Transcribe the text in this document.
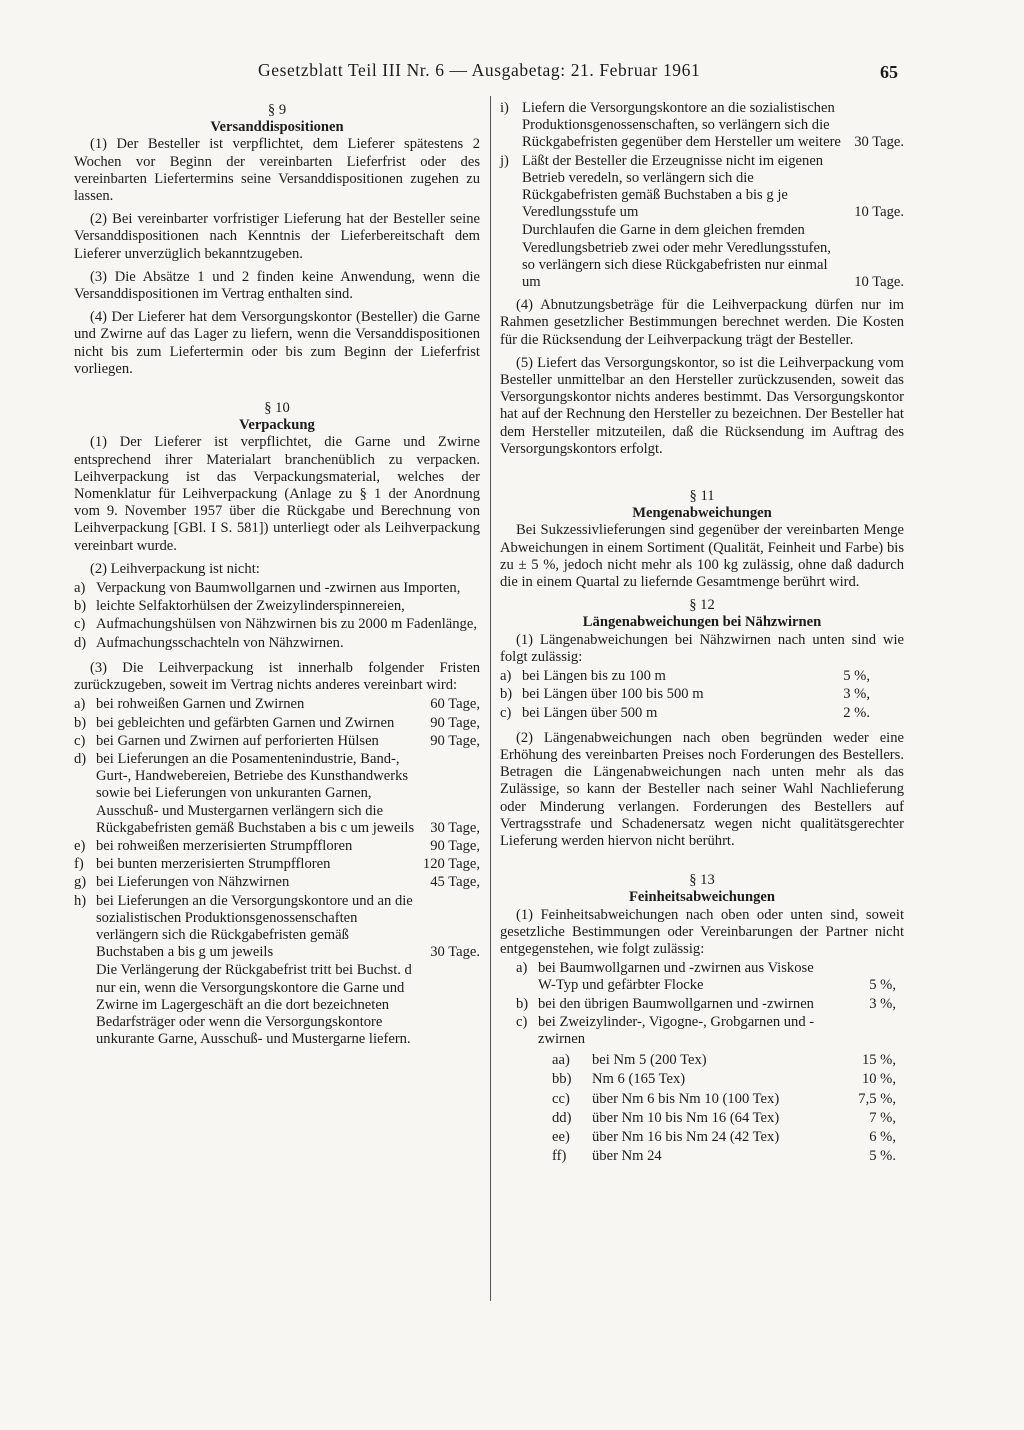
Gesetzblatt Teil III Nr. 6 — Ausgabetag: 21. Februar 1961	65
§ 9
Versanddispositionen

(1) Der Besteller ist verpflichtet, dem Lieferer spätestens 2 Wochen vor Beginn der vereinbarten Lieferfrist oder des vereinbarten Liefertermins seine Versanddispositionen zugehen zu lassen.

(2) Bei vereinbarter vorfristiger Lieferung hat der Besteller seine Versanddispositionen nach Kenntnis der Lieferbereitschaft dem Lieferer unverzüglich bekanntzugeben.

(3) Die Absätze 1 und 2 finden keine Anwendung, wenn die Versanddispositionen im Vertrag enthalten sind.

(4) Der Lieferer hat dem Versorgungskontor (Besteller) die Garne und Zwirne auf das Lager zu liefern, wenn die Versanddispositionen nicht bis zum Liefertermin oder bis zum Beginn der Lieferfrist vorliegen.

§ 10
Verpackung

(1) Der Lieferer ist verpflichtet, die Garne und Zwirne entsprechend ihrer Materialart branchenüblich zu verpacken. Leihverpackung ist das Verpackungsmaterial, welches der Nomenklatur für Leihverpackung (Anlage zu § 1 der Anordnung vom 9. November 1957 über die Rückgabe und Berechnung von Leihverpackung [GBl. I S. 581]) unterliegt oder als Leihverpackung vereinbart wurde.

(2) Leihverpackung ist nicht:

a) Verpackung von Baumwollgarnen und -zwirnen aus Importen,
b) leichte Selfaktorhülsen der Zweizylinderspinnereien,
c) Aufmachungshülsen von Nähzwirnen bis zu 2000 m Fadenlänge,
d) Aufmachungsschachteln von Nähzwirnen.

(3) Die Leihverpackung ist innerhalb folgender Fristen zurückzugeben, soweit im Vertrag nichts anderes vereinbart wird:

a) bei rohweißen Garnen und Zwirnen	60 Tage,
b) bei gebleichten und gefärbten Garnen und Zwirnen	90 Tage,
c) bei Garnen und Zwirnen auf perforierten Hülsen	90 Tage,
d) bei Lieferungen an die Posamentenindustrie, Band-, Gurt-, Handwebereien, Betriebe des Kunsthandwerks sowie bei Lieferungen von unkuranten Garnen, Ausschuß- und Mustergarnen verlängern sich die Rückgabefristen gemäß Buchstaben a bis c um jeweils	30 Tage,
e) bei rohweißen merzerisierten Strumpffloren	90 Tage,
f) bei bunten merzerisierten Strumpffloren	120 Tage,
g) bei Lieferungen von Nähzwirnen	45 Tage,
h) bei Lieferungen an die Versorgungskontore und an die sozialistischen Produktionsgenossenschaften verlängern sich die Rückgabefristen gemäß Buchstaben a bis g um jeweils	30 Tage.
Die Verlängerung der Rückgabefrist tritt bei Buchst. d nur ein, wenn die Versorgungskontore die Garne und Zwirne im Lagergeschäft an die dort bezeichneten Bedarfsträger oder wenn die Versorgungskontore unkurante Garne, Ausschuß- und Mustergarne liefern.
i) Liefern die Versorgungskontore an die sozialistischen Produktionsgenossenschaften, so verlängern sich die Rückgabefristen gegenüber dem Hersteller um weitere 30 Tage.
j) Läßt der Besteller die Erzeugnisse nicht im eigenen Betrieb veredeln, so verlängern sich die Rückgabefristen gemäß Buchstaben a bis g je Veredlungsstufe um	10 Tage.
Durchlaufen die Garne in dem gleichen fremden Veredlungsbetrieb zwei oder mehr Veredlungsstufen, so verlängern sich diese Rückgabefristen nur einmal um	10 Tage.

(4) Abnutzungsbeträge für die Leihverpackung dürfen nur im Rahmen gesetzlicher Bestimmungen berechnet werden. Die Kosten für die Rücksendung der Leihverpackung trägt der Besteller.

(5) Liefert das Versorgungskontor, so ist die Leihverpackung vom Besteller unmittelbar an den Hersteller zurückzusenden, soweit das Versorgungskontor nichts anderes bestimmt. Das Versorgungskontor hat auf der Rechnung den Hersteller zu bezeichnen. Der Besteller hat dem Hersteller mitzuteilen, daß die Rücksendung im Auftrag des Versorgungskontors erfolgt.

§ 11
Mengenabweichungen

Bei Sukzessivlieferungen sind gegenüber der vereinbarten Menge Abweichungen in einem Sortiment (Qualität, Feinheit und Farbe) bis zu ± 5 %, jedoch nicht mehr als 100 kg zulässig, ohne daß dadurch die in einem Quartal zu liefernde Gesamtmenge berührt wird.

§ 12
Längenabweichungen bei Nähzwirnen

(1) Längenabweichungen bei Nähzwirnen nach unten sind wie folgt zulässig:

a) bei Längen bis zu 100 m	5 %,
b) bei Längen über 100 bis 500 m	3 %,
c) bei Längen über 500 m	2 %.

(2) Längenabweichungen nach oben begründen weder eine Erhöhung des vereinbarten Preises noch Forderungen des Bestellers. Betragen die Längenabweichungen nach unten mehr als das Zulässige, so kann der Besteller nach seiner Wahl Nachlieferung oder Minderung verlangen. Forderungen des Bestellers auf Vertragsstrafe und Schadenersatz wegen nicht qualitätsgerechter Lieferung werden hiervon nicht berührt.

§ 13
Feinheitsabweichungen

(1) Feinheitsabweichungen nach oben oder unten sind, soweit gesetzliche Bestimmungen oder Vereinbarungen der Partner nicht entgegenstehen, wie folgt zulässig:

a) bei Baumwollgarnen und -zwirnen aus Viskose W-Typ und gefärbter Flocke	5 %,
b) bei den übrigen Baumwollgarnen und -zwirnen	3 %,
c) bei Zweizylinder-, Vigogne-, Grobgarnen und -zwirnen
aa)	bei Nm 5 (200 Tex)	15 %,
bb)	Nm 6 (165 Tex)	10 %,
cc)	über Nm 6 bis Nm 10 (100 Tex)	7,5 %,
dd)	über Nm 10 bis Nm 16 (64 Tex)	7 %,
ee)	über Nm 16 bis Nm 24 (42 Tex)	6 %,
ff)	über Nm 24	5 %.
